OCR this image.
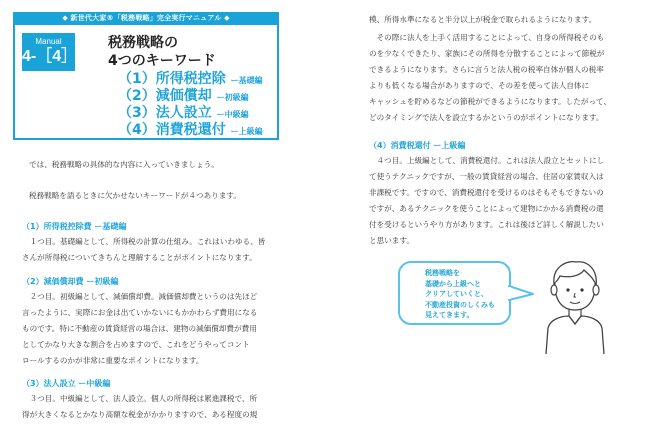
◆ 新世代大家®「税務戦略」完全実行マニュアル ◆
Manual
4-［4］
税務戦略の
4つのキーワード
（1）所得税控除 ー基礎編
（2）減価償却 ー初級編
（3）法人設立 ー中級編
（4）消費税還付 ー上級編
では、税務戦略の具体的な内容に入っていきましょう。
税務戦略を語るときに欠かせないキーワードが４つあります。
（1）所得税控除費 ー基礎編
　１つ目。基礎編として、所得税の計算の仕組み。これはいわゆる、皆
さんが所得税についてきちんと理解することがポイントになります。
（2）減価償却費 ー初級編
　２つ目。初級編として、減価償却費。減価償却費というのは先ほど
言ったように、実際にお金は出ていかないにもかかわらず費用になる
ものです。特に不動産の賃貸経営の場合は、建物の減価償却費が費用
としてかなり大きな割合を占めますので、これをどうやってコント
ロールするのかが非常に重要なポイントになります。
（3）法人設立 ー中級編
　３つ目。中級編として、法人設立。個人の所得税は累進課税で、所
得が大きくなるとかなり高額な税金がかかりますので、ある程度の規
模、所得水準になると半分以上が税金で取られるようになります。
　その際に法人を上手く活用することによって、自身の所得税そのも
のを少なくできたり、家族にその所得を分散することによって節税が
できるようになります。さらに言うと法人税の税率自体が個人の税率
よりも低くなる場合がありますので、その差を使って法人自体に
キャッシュを貯めるなどの節税ができるようになります。したがって、
どのタイミングで法人を設立するかというのがポイントになります。
（4）消費税還付 ー上級編
　４つ目。上級編として、消費税還付。これは法人設立とセットにし
て使うテクニックですが、一般の賃貸経営の場合、住居の家賃収入は
非課税です。ですので、消費税還付を受けるのはそもそもできないの
ですが、あるテクニックを使うことによって建物にかかる消費税の還
付を受けるというやり方があります。これは後ほど詳しく解説したい
と思います。
税務戦略を
基礎から上級へと
クリアしていくと、
不動産投資のしくみも
見えてきます。
